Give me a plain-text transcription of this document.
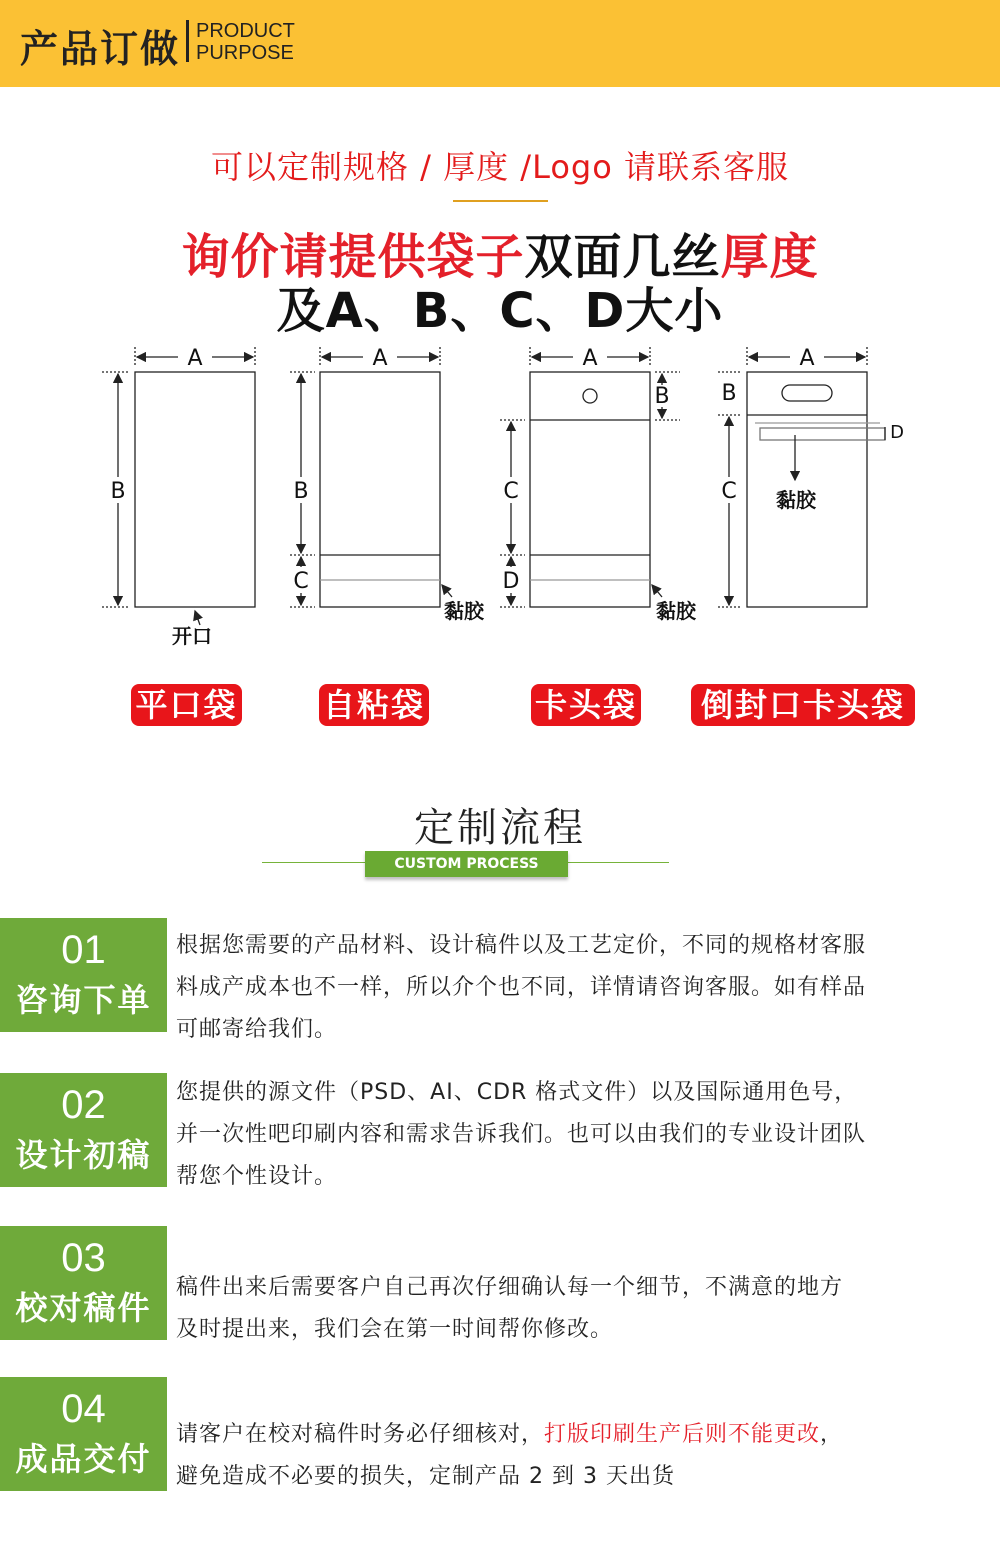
产品订做 PRODUCT
PURPOSE
可以定制规格 / 厚度 /Logo 请联系客服
询价请提供袋子双面几丝厚度
及A、B、C、D大小
A
B
A
B
C
A
B
C
D
A
B
C
D
开口
黏胶	黏胶
黏胶
平口袋	自粘袋	卡头袋	倒封口卡头袋
定制流程
CUSTOM PROCESS
01
咨询下单
根据您需要的产品材料、设计稿件以及工艺定价，不同的规格材客服
料成产成本也不一样，所以介个也不同，详情请咨询客服。如有样品
可邮寄给我们。
02
设计初稿
您提供的源文件（PSD、AI、CDR 格式文件）以及国际通用色号，
并一次性吧印刷内容和需求告诉我们。也可以由我们的专业设计团队
帮您个性设计。
03
校对稿件
稿件出来后需要客户自己再次仔细确认每一个细节，不满意的地方
及时提出来，我们会在第一时间帮你修改。
04
成品交付
请客户在校对稿件时务必仔细核对，打版印刷生产后则不能更改，
避免造成不必要的损失，定制产品 2 到 3 天出货
